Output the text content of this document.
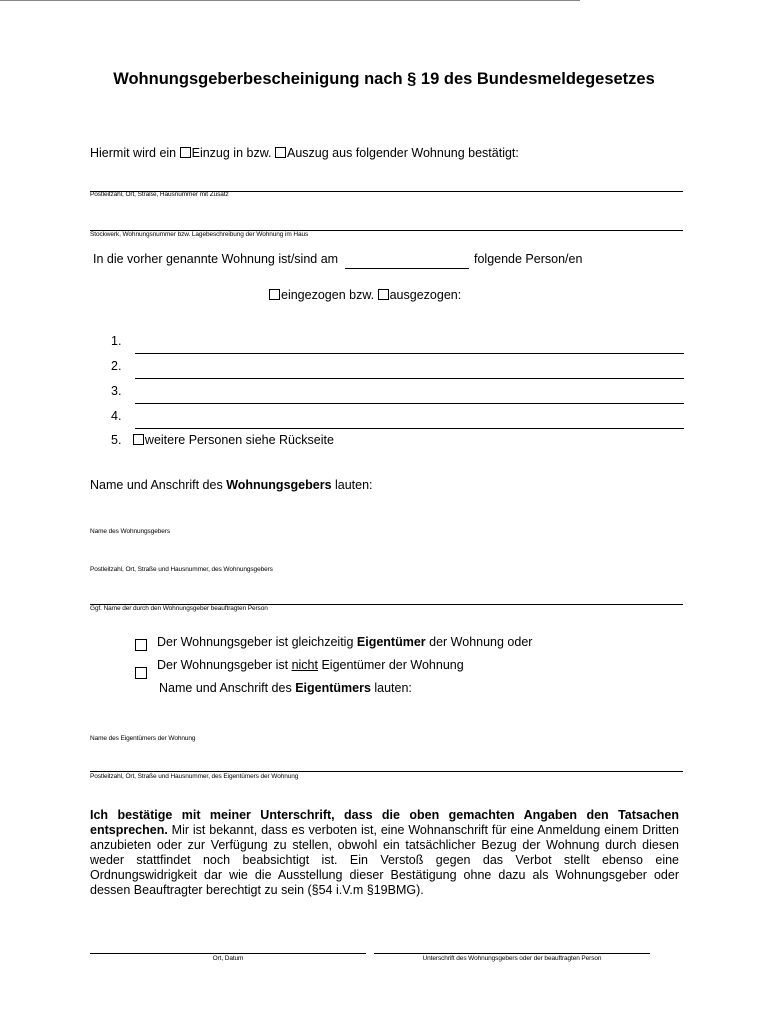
Wohnungsgeberbescheinigung nach § 19 des Bundesmeldegesetzes
Hiermit wird ein Einzug in bzw. Auszug aus folgender Wohnung bestätigt:
Postleitzahl, Ort, Straße, Hausnummer mit Zusatz
Stockwerk, Wohnungsnummer bzw. Lagebeschreibung der Wohnung im Haus
In die vorher genannte Wohnung ist/sind am	folgende Person/en
eingezogen bzw. ausgezogen:
1.
2.
3.
4.
5. weitere Personen siehe Rückseite
Name und Anschrift des Wohnungsgebers lauten:
Name des Wohnungsgebers
Postleitzahl, Ort, Straße und Hausnummer, des Wohnungsgebers
Ggf. Name der durch den Wohnungsgeber beauftragten Person
Der Wohnungsgeber ist gleichzeitig Eigentümer der Wohnung oder
Der Wohnungsgeber ist nicht Eigentümer der Wohnung
Name und Anschrift des Eigentümers lauten:
Name des Eigentümers der Wohnung
Postleitzahl, Ort, Straße und Hausnummer, des Eigentümers der Wohnung
Ich bestätige mit meiner Unterschrift, dass die oben gemachten Angaben den Tatsachen entsprechen. Mir ist bekannt, dass es verboten ist, eine Wohnanschrift für eine Anmeldung einem Dritten anzubieten oder zur Verfügung zu stellen, obwohl ein tatsächlicher Bezug der Wohnung durch diesen weder stattfindet noch beabsichtigt ist. Ein Verstoß gegen das Verbot stellt ebenso eine Ordnungswidrigkeit dar wie die Ausstellung dieser Bestätigung ohne dazu als Wohnungsgeber oder dessen Beauftragter berechtigt zu sein (§54 i.V.m §19BMG).
Ort, Datum	Unterschrift des Wohnungsgebers oder der beauftragten Person
